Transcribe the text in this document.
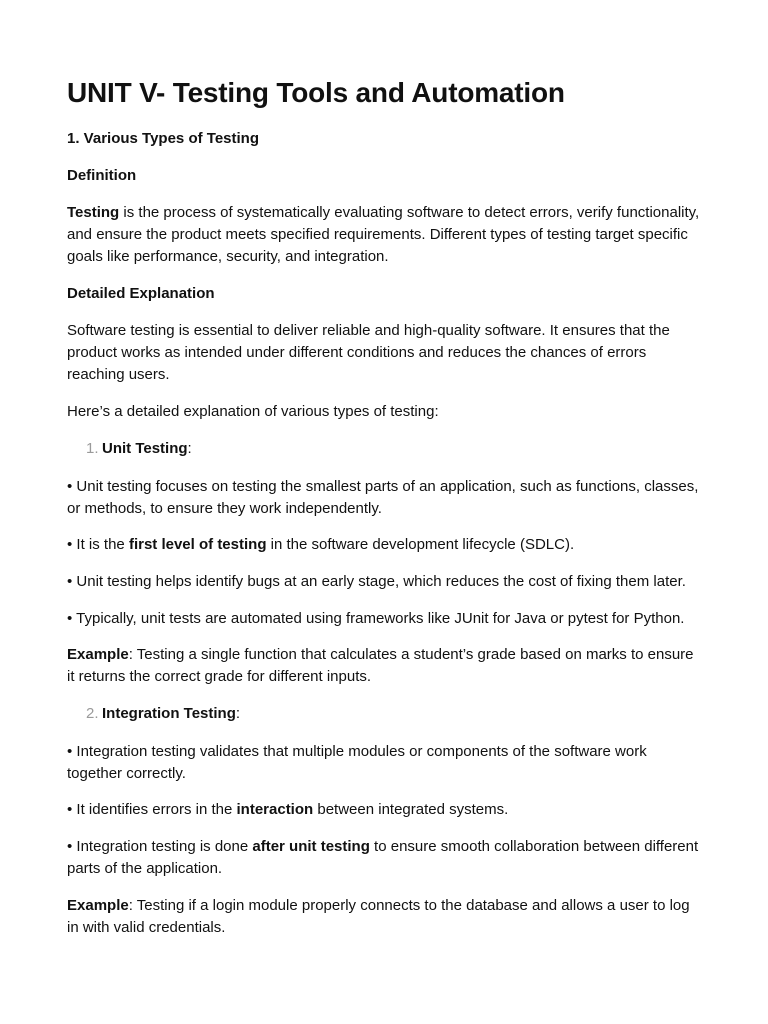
UNIT V- Testing Tools and Automation

1. Various Types of Testing

Definition

Testing is the process of systematically evaluating software to detect errors, verify functionality, and ensure the product meets specified requirements. Different types of testing target specific goals like performance, security, and integration.

Detailed Explanation

Software testing is essential to deliver reliable and high-quality software. It ensures that the product works as intended under different conditions and reduces the chances of errors reaching users.

Here’s a detailed explanation of various types of testing:

1. Unit Testing:

• Unit testing focuses on testing the smallest parts of an application, such as functions, classes, or methods, to ensure they work independently.

• It is the first level of testing in the software development lifecycle (SDLC).

• Unit testing helps identify bugs at an early stage, which reduces the cost of fixing them later.

• Typically, unit tests are automated using frameworks like JUnit for Java or pytest for Python.

Example: Testing a single function that calculates a student’s grade based on marks to ensure it returns the correct grade for different inputs.

2. Integration Testing:

• Integration testing validates that multiple modules or components of the software work together correctly.

• It identifies errors in the interaction between integrated systems.

• Integration testing is done after unit testing to ensure smooth collaboration between different parts of the application.

Example: Testing if a login module properly connects to the database and allows a user to log in with valid credentials.
